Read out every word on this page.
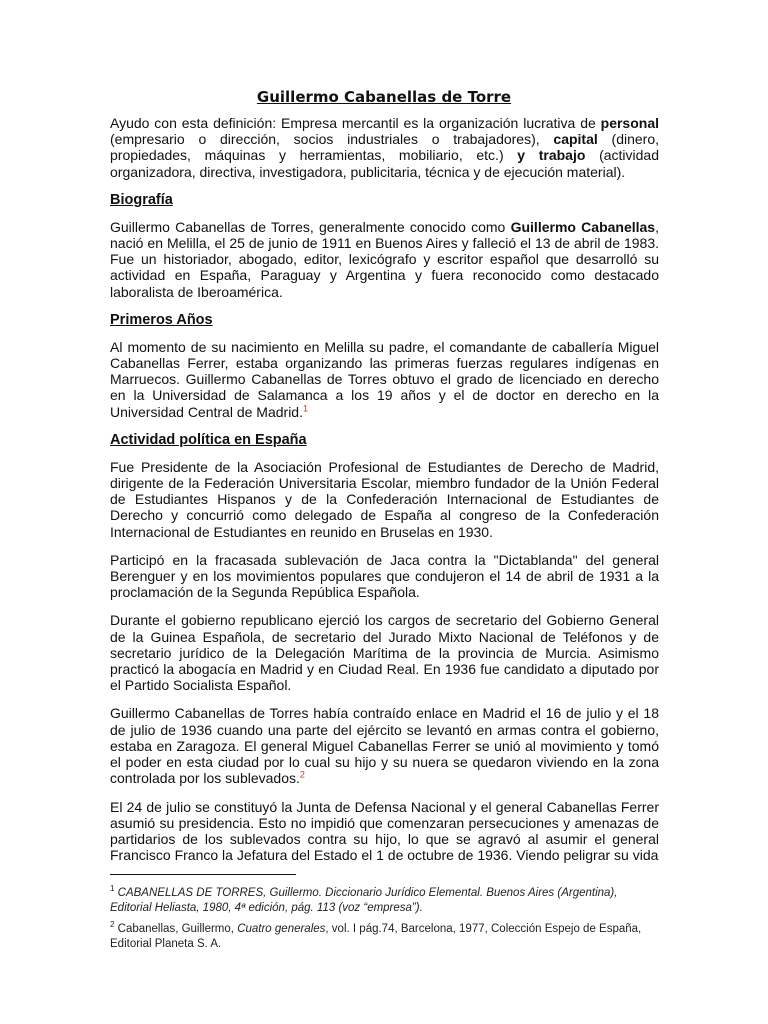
Guillermo Cabanellas de Torre

Ayudo con esta definición: Empresa mercantil es la organización lucrativa de personal (empresario o dirección, socios industriales o trabajadores), capital (dinero, propiedades, máquinas y herramientas, mobiliario, etc.) y trabajo (actividad organizadora, directiva, investigadora, publicitaria, técnica y de ejecución material).

Biografía

Guillermo Cabanellas de Torres, generalmente conocido como Guillermo Cabanellas, nació en Melilla, el 25 de junio de 1911 en Buenos Aires y falleció el 13 de abril de 1983. Fue un historiador, abogado, editor, lexicógrafo y escritor español que desarrolló su actividad en España, Paraguay y Argentina y fuera reconocido como destacado laboralista de Iberoamérica.

Primeros Años

Al momento de su nacimiento en Melilla su padre, el comandante de caballería Miguel Cabanellas Ferrer, estaba organizando las primeras fuerzas regulares indígenas en Marruecos. Guillermo Cabanellas de Torres obtuvo el grado de licenciado en derecho en la Universidad de Salamanca a los 19 años y el de doctor en derecho en la Universidad Central de Madrid.$^1$

Actividad política en España

Fue Presidente de la Asociación Profesional de Estudiantes de Derecho de Madrid, dirigente de la Federación Universitaria Escolar, miembro fundador de la Unión Federal de Estudiantes Hispanos y de la Confederación Internacional de Estudiantes de Derecho y concurrió como delegado de España al congreso de la Confederación Internacional de Estudiantes en reunido en Bruselas en 1930.

Participó en la fracasada sublevación de Jaca contra la "Dictablanda" del general Berenguer y en los movimientos populares que condujeron el 14 de abril de 1931 a la proclamación de la Segunda República Española.

Durante el gobierno republicano ejerció los cargos de secretario del Gobierno General de la Guinea Española, de secretario del Jurado Mixto Nacional de Teléfonos y de secretario jurídico de la Delegación Marítima de la provincia de Murcia. Asimismo practicó la abogacía en Madrid y en Ciudad Real. En 1936 fue candidato a diputado por el Partido Socialista Español.

Guillermo Cabanellas de Torres había contraído enlace en Madrid el 16 de julio y el 18 de julio de 1936 cuando una parte del ejército se levantó en armas contra el gobierno, estaba en Zaragoza. El general Miguel Cabanellas Ferrer se unió al movimiento y tomó el poder en esta ciudad por lo cual su hijo y su nuera se quedaron viviendo en la zona controlada por los sublevados.$^2$

El 24 de julio se constituyó la Junta de Defensa Nacional y el general Cabanellas Ferrer asumió su presidencia. Esto no impidió que comenzaran persecuciones y amenazas de partidarios de los sublevados contra su hijo, lo que se agravó al asumir el general Francisco Franco la Jefatura del Estado el 1 de octubre de 1936. Viendo peligrar su vida

$^1$ CABANELLAS DE TORRES, Guillermo. Diccionario Jurídico Elemental. Buenos Aires (Argentina), Editorial Heliasta, 1980, 4ª edición, pág. 113 (voz “empresa”).

$^2$ Cabanellas, Guillermo, Cuatro generales, vol. I pág.74, Barcelona, 1977, Colección Espejo de España, Editorial Planeta S. A.
